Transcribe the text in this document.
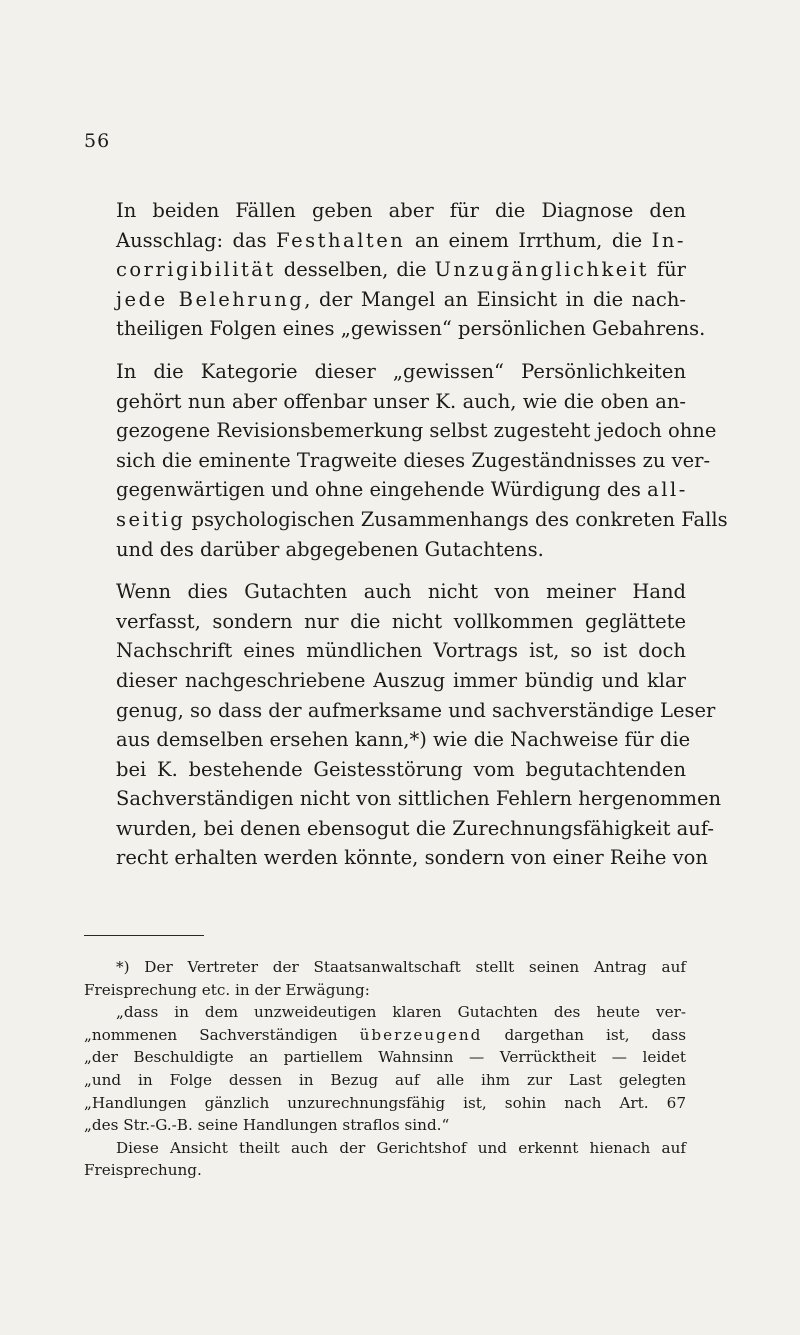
56

In beiden Fällen geben aber für die Diagnose den
Ausschlag: das Festhalten an einem Irrthum, die In-
corrigibilität desselben, die Unzugänglichkeit für
jede Belehrung, der Mangel an Einsicht in die nach-
theiligen Folgen eines „gewissen“ persönlichen Gebahrens.

In die Kategorie dieser „gewissen“ Persönlichkeiten
gehört nun aber offenbar unser K. auch, wie die oben an-
gezogene Revisionsbemerkung selbst zugesteht jedoch ohne
sich die eminente Tragweite dieses Zugeständnisses zu ver-
gegenwärtigen und ohne eingehende Würdigung des all-
seitig psychologischen Zusammenhangs des conkreten Falls
und des darüber abgegebenen Gutachtens.

Wenn dies Gutachten auch nicht von meiner Hand
verfasst, sondern nur die nicht vollkommen geglättete
Nachschrift eines mündlichen Vortrags ist, so ist doch
dieser nachgeschriebene Auszug immer bündig und klar
genug, so dass der aufmerksame und sachverständige Leser
aus demselben ersehen kann,*) wie die Nachweise für die
bei K. bestehende Geistesstörung vom begutachtenden
Sachverständigen nicht von sittlichen Fehlern hergenommen
wurden, bei denen ebensogut die Zurechnungsfähigkeit auf-
recht erhalten werden könnte, sondern von einer Reihe von

*) Der Vertreter der Staatsanwaltschaft stellt seinen Antrag auf
Freisprechung etc. in der Erwägung:
„dass in dem unzweideutigen klaren Gutachten des heute ver-
„nommenen Sachverständigen überzeugend dargethan ist, dass
„der Beschuldigte an partiellem Wahnsinn — Verrücktheit — leidet
„und in Folge dessen in Bezug auf alle ihm zur Last gelegten
„Handlungen gänzlich unzurechnungsfähig ist, sohin nach Art. 67
„des Str.-G.-B. seine Handlungen straflos sind.“
Diese Ansicht theilt auch der Gerichtshof und erkennt hienach auf
Freisprechung.
